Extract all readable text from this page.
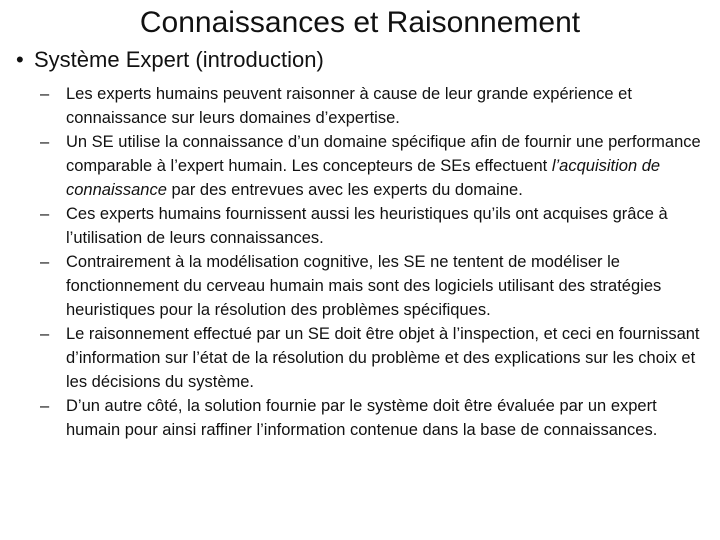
Connaissances et Raisonnement
• Système Expert (introduction)
–	Les experts humains peuvent raisonner à cause de leur grande expérience et connaissance sur leurs domaines d’expertise.
–	Un SE utilise la connaissance d’un domaine spécifique afin de fournir une performance comparable à l’expert humain. Les concepteurs de SEs effectuent l’acquisition de connaissance par des entrevues avec les experts du domaine.
–	Ces experts humains fournissent aussi les heuristiques qu’ils ont acquises grâce à l’utilisation de leurs connaissances.
–	Contrairement à la modélisation cognitive, les SE ne tentent de modéliser le fonctionnement du cerveau humain mais sont des logiciels utilisant des stratégies heuristiques pour la résolution des problèmes spécifiques.
–	Le raisonnement effectué par un SE doit être objet à l’inspection, et ceci en fournissant d’information sur l’état de la résolution du problème et des explications sur les choix et les décisions du système.
–	D’un autre côté, la solution fournie par le système doit être évaluée par un expert humain pour ainsi raffiner l’information contenue dans la base de connaissances.
